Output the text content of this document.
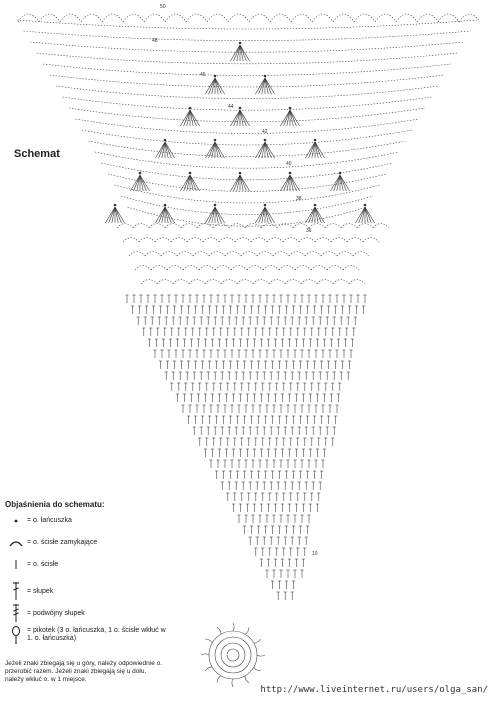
50
48
46
44
42
40
38
36
10
Schemat
Objaśnienia do schematu:
= o. łańcuszka
= o. ścisłe zamykające
= o. ścisłe
= słupek
= podwójny słupek
= pikotek (3 o. łańcuszka, 1 o. ścisłe wkłuć w 1. o. łańcuszka)
Jeżeli znaki zbiegają się u góry, należy odpowiednie o. przerobić razem. Jeżeli znaki zbiegają się u dołu, należy wkłuć o. w 1 miejsce.
http://www.liveinternet.ru/users/olga_san/
